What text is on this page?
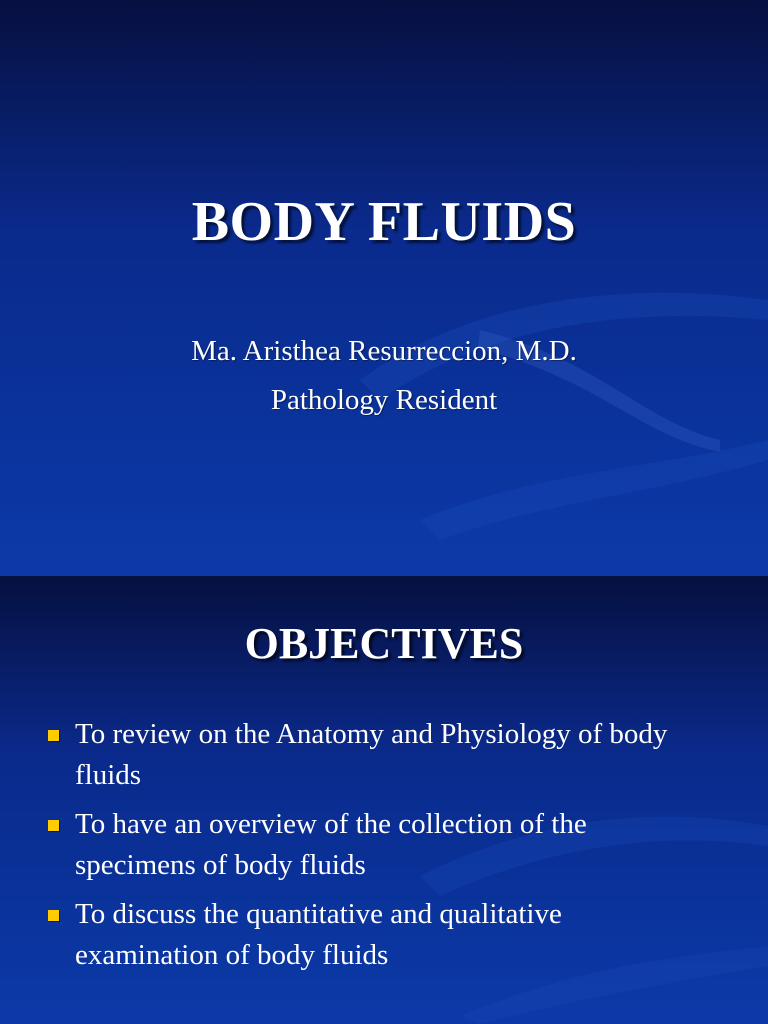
BODY FLUIDS
Ma. Aristhea Resurreccion, M.D.
Pathology Resident
OBJECTIVES
To review on the Anatomy and Physiology of body fluids
To have an overview of the collection of the specimens of body fluids
To discuss the quantitative and qualitative examination of body fluids
